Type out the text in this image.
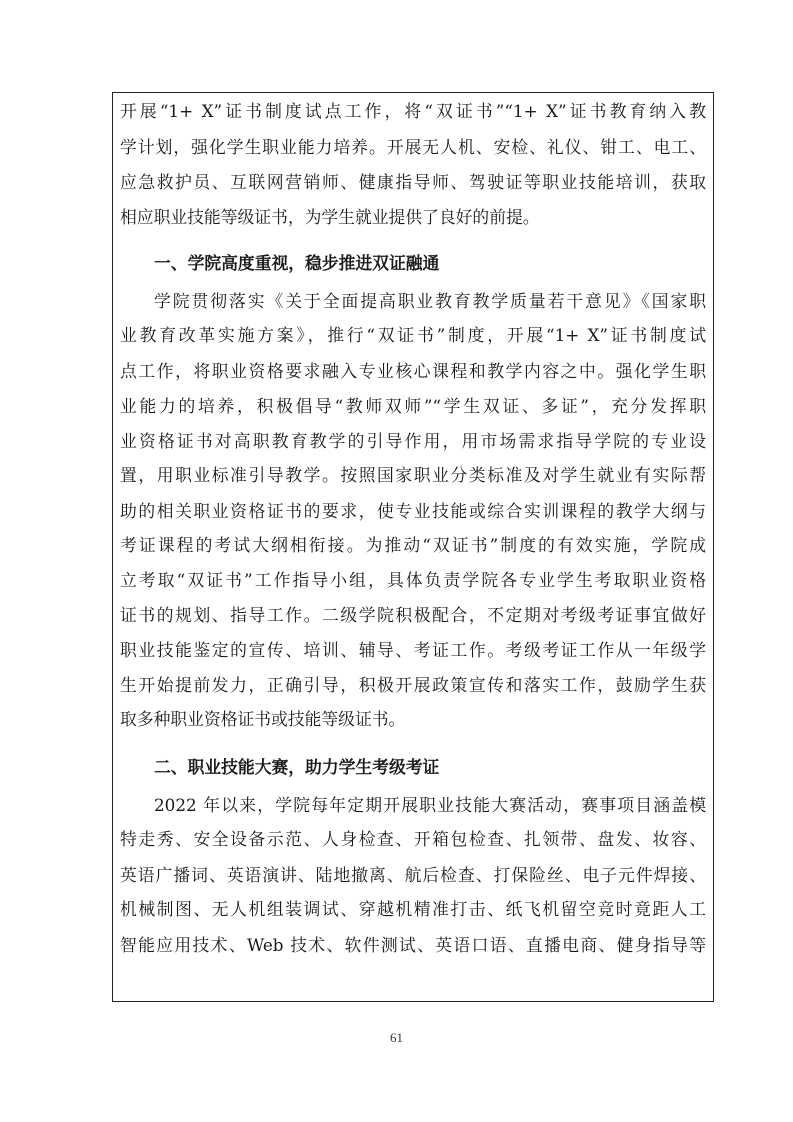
开展“1+ X”证书制度试点工作，将“双证书”“1+ X”证书教育纳入教
学计划，强化学生职业能力培养。开展无人机、安检、礼仪、钳工、电工、
应急救护员、互联网营销师、健康指导师、驾驶证等职业技能培训，获取
相应职业技能等级证书，为学生就业提供了良好的前提。
一、学院高度重视，稳步推进双证融通
学院贯彻落实《关于全面提高职业教育教学质量若干意见》《国家职
业教育改革实施方案》，推行“双证书”制度，开展“1+ X”证书制度试
点工作，将职业资格要求融入专业核心课程和教学内容之中。强化学生职
业能力的培养，积极倡导“教师双师”“学生双证、多证”，充分发挥职
业资格证书对高职教育教学的引导作用，用市场需求指导学院的专业设
置，用职业标准引导教学。按照国家职业分类标准及对学生就业有实际帮
助的相关职业资格证书的要求，使专业技能或综合实训课程的教学大纲与
考证课程的考试大纲相衔接。为推动“双证书”制度的有效实施，学院成
立考取“双证书”工作指导小组，具体负责学院各专业学生考取职业资格
证书的规划、指导工作。二级学院积极配合，不定期对考级考证事宜做好
职业技能鉴定的宣传、培训、辅导、考证工作。考级考证工作从一年级学
生开始提前发力，正确引导，积极开展政策宣传和落实工作，鼓励学生获
取多种职业资格证书或技能等级证书。
二、职业技能大赛，助力学生考级考证
2022 年以来，学院每年定期开展职业技能大赛活动，赛事项目涵盖模
特走秀、安全设备示范、人身检查、开箱包检查、扎领带、盘发、妆容、
英语广播词、英语演讲、陆地撤离、航后检查、打保险丝、电子元件焊接、
机械制图、无人机组装调试、穿越机精准打击、纸飞机留空竞时竟距人工
智能应用技术、Web 技术、软件测试、英语口语、直播电商、健身指导等
61
